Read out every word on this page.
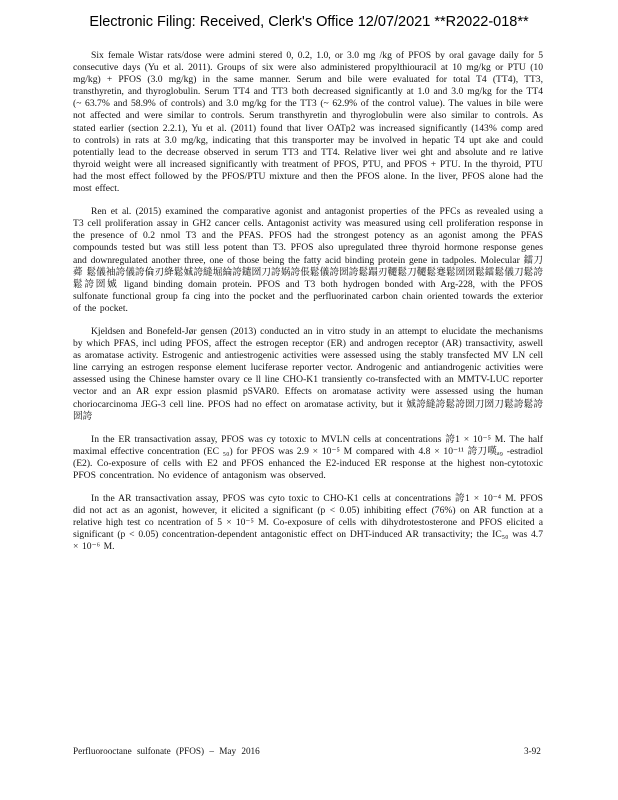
Electronic Filing: Received, Clerk's Office 12/07/2021 **R2022-018**

Six female Wistar rats/dose were admini stered 0, 0.2, 1.0, or 3.0 mg /kg of PFOS by oral gavage daily for 5 consecutive days (Yu et al. 2011). Groups of six were also administered propylthiouracil at 10 mg/kg or PTU (10 mg/kg) + PFOS (3.0 mg/kg) in the same manner. Serum and bile were evaluated for total T4 (TT4), TT3, transthyretin, and thyroglobulin. Serum TT4 and TT3 both decreased significantly at 1.0 and 3.0 mg/kg for the TT4 (~ 63.7% and 58.9% of controls) and 3.0 mg/kg for the TT3 (~ 62.9% of the control value). The values in bile were not affected and were similar to controls. Serum transthyretin and thyroglobulin were also similar to controls. As stated earlier (section 2.2.1), Yu et al. (2011) found that liver OATp2 was increased significantly (143% comp ared to controls) in rats at 3.0 mg/kg, indicating that this transporter may be involved in hepatic T4 upt ake and could potentially lead to the decrease observed in serum TT3 and TT4. Relative liver wei ght and absolute and re lative thyroid weight were all increased significantly with treatment of PFOS, PTU, and PFOS + PTU. In the thyroid, PTU had the most effect followed by the PFOS/PTU mixture and then the PFOS alone. In the liver, PFOS alone had the most effect.

Ren et al. (2015) examined the comparative agonist and antagonist properties of the PFCs as revealed using a T3 cell proliferation assay in GH2 cancer cells. Antagonist activity was measured using cell proliferation response in the presence of 0.2 nmol T3 and the PFAS. PFOS had the strongest potency as an agonist among the PFAS compounds tested but was still less potent than T3. PFOS also upregulated three thyroid hormone response genes and downregulated another three, one of those being the fatty acid binding protein gene in tadpoles. Molecular 鐳刀蕣 鬆儀袖誇儀誇倫刃絳鬆娍誇縫堀綸誇鑓圀刀誇娲誇倀鬆儀誇圀誇鬆蹋刃韆鬆刀韆鬆蹇鬆圀圀鬆鐳鬆儀刀鬆誇鬆誇圀娍 ligand binding domain protein. PFOS and T3 both hydrogen bonded with Arg-228, with the PFOS sulfonate functional group fa cing into the pocket and the perfluorinated carbon chain oriented towards the exterior of the pocket.

Kjeldsen and Bonefeld-Jør gensen (2013) conducted an in vitro study in an attempt to elucidate the mechanisms by which PFAS, incl uding PFOS, affect the estrogen receptor (ER) and androgen receptor (AR) transactivity, aswell as aromatase activity. Estrogenic and antiestrogenic activities were assessed using the stably transfected MV LN cell line carrying an estrogen response element luciferase reporter vector. Androgenic and antiandrogenic activities were assessed using the Chinese hamster ovary ce ll line CHO-K1 transiently co-transfected with an MMTV-LUC reporter vector and an AR expr ession plasmid pSVAR0. Effects on aromatase activity were assessed using the human choriocarcinoma JEG-3 cell line. PFOS had no effect on aromatase activity, but it 娍誇縫誇鬆誇圀刀圀刀鬆誇鬆誇圀誇

In the ER transactivation assay, PFOS was cy totoxic to MVLN cells at concentrations 誇1 × 10⁻⁵ M. The half maximal effective concentration (EC ₅₀) for PFOS was 2.9 × 10⁻⁵ M compared with 4.8 × 10⁻¹¹ 誇刀嘆ₐ₉ -estradiol (E2). Co-exposure of cells with E2 and PFOS enhanced the E2-induced ER response at the highest non-cytotoxic PFOS concentration. No evidence of antagonism was observed.

In the AR transactivation assay, PFOS was cyto toxic to CHO-K1 cells at concentrations 誇1 × 10⁻⁴ M. PFOS did not act as an agonist, however, it elicited a significant (p < 0.05) inhibiting effect (76%) on AR function at a relative high test co ncentration of 5 × 10⁻⁵ M. Co-exposure of cells with dihydrotestosterone and PFOS elicited a significant (p < 0.05) concentration-dependent antagonistic effect on DHT-induced AR transactivity; the IC₅₀ was 4.7 × 10⁻⁶ M.

Perfluorooctane sulfonate (PFOS) – May 2016	3-92
